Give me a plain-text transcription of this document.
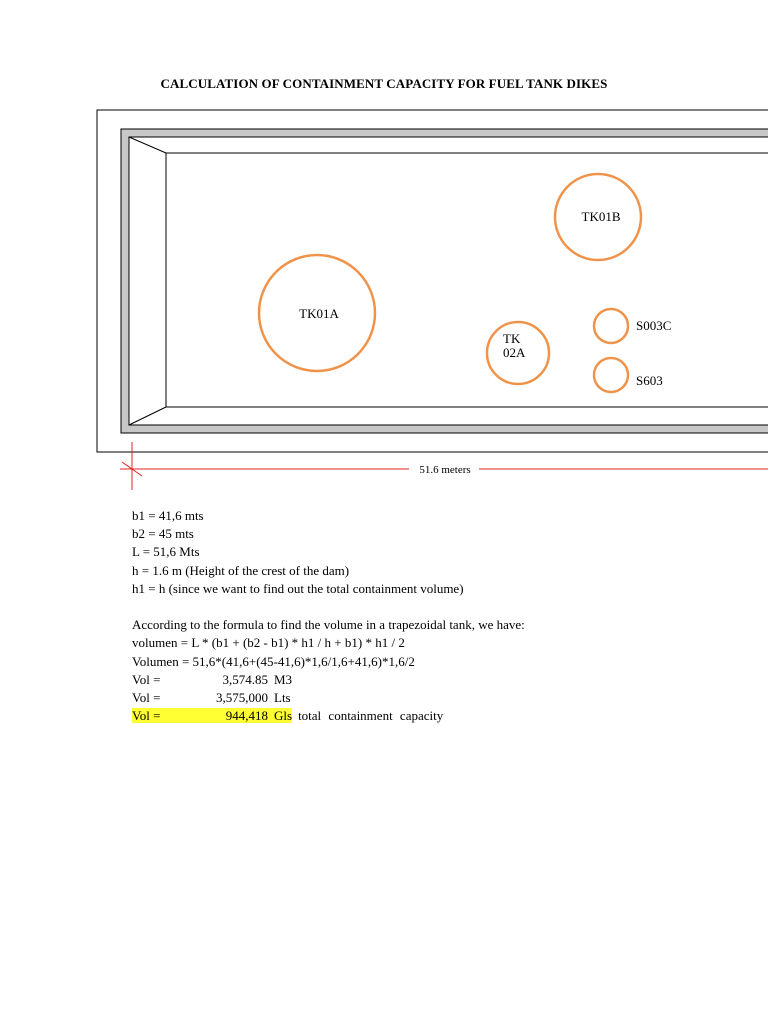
CALCULATION OF CONTAINMENT CAPACITY FOR FUEL TANK DIKES
TK01A
TK01B
TK
02A
S003C
S603
51.6 meters
b1 = 41,6 mts
b2 = 45 mts
L = 51,6 Mts
h = 1.6 m (Height of the crest of the dam)
h1 = h (since we want to find out the total containment volume)
According to the formula to find the volume in a trapezoidal tank, we have:
volumen = L * (b1 + (b2 - b1) * h1 / h + b1) * h1 / 2
Volumen = 51,6*(41,6+(45-41,6)*1,6/1,6+41,6)*1,6/2
Vol =	3,574.85 M3
Vol =	3,575,000 Lts
Vol =	944,418 Gls total containment capacity
